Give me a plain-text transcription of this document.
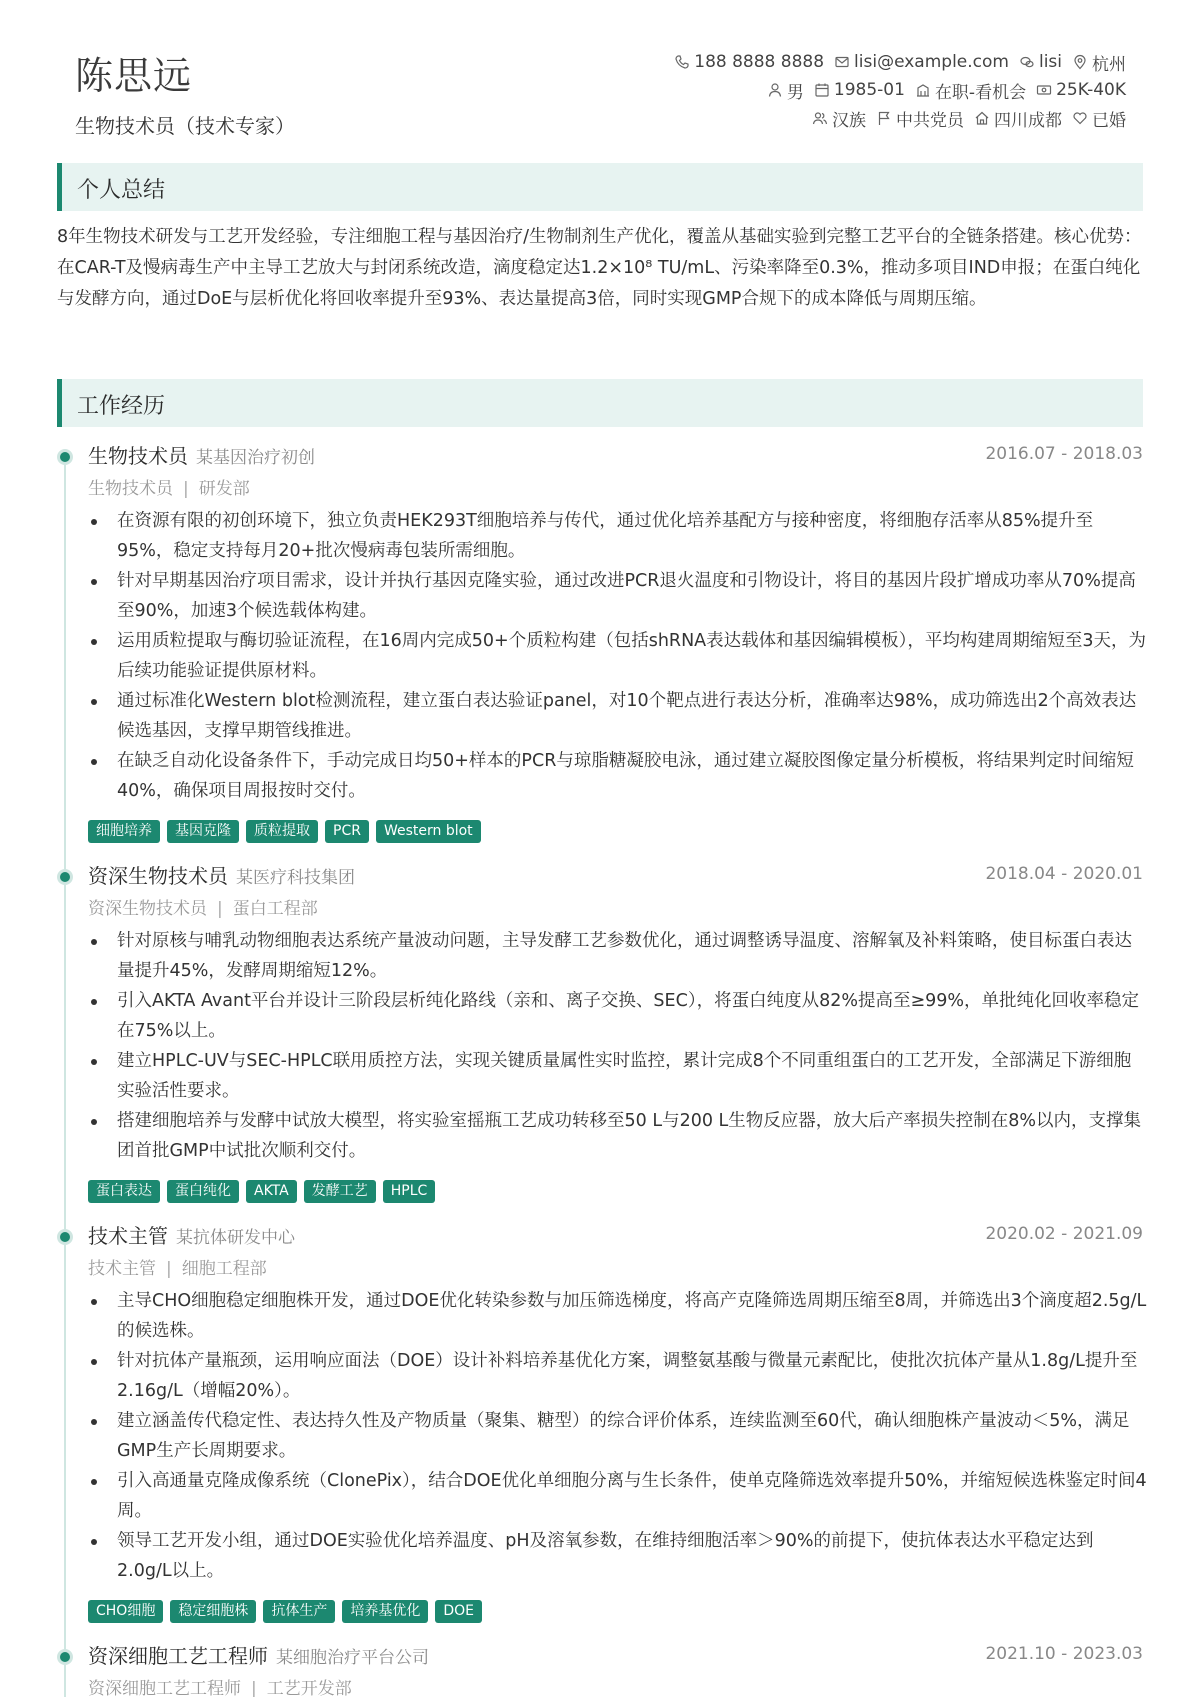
陈思远
生物技术员（技术专家）
188 8888 8888 lisi@example.com lisi 杭州
男 1985-01 在职-看机会 25K-40K
汉族 中共党员 四川成都 已婚
个人总结
8年生物技术研发与工艺开发经验，专注细胞工程与基因治疗/生物制剂生产优化，覆盖从基础实验到完整工艺平台的全链条搭建。核心优势：在CAR-T及慢病毒生产中主导工艺放大与封闭系统改造，滴度稳定达1.2×10⁸ TU/mL、污染率降至0.3%，推动多项目IND申报；在蛋白纯化与发酵方向，通过DoE与层析优化将回收率提升至93%、表达量提高3倍，同时实现GMP合规下的成本降低与周期压缩。
工作经历
生物技术员 某基因治疗初创	2016.07 - 2018.03
生物技术员 | 研发部
在资源有限的初创环境下，独立负责HEK293T细胞培养与传代，通过优化培养基配方与接种密度，将细胞存活率从85%提升至95%，稳定支持每月20+批次慢病毒包装所需细胞。
针对早期基因治疗项目需求，设计并执行基因克隆实验，通过改进PCR退火温度和引物设计，将目的基因片段扩增成功率从70%提高至90%，加速3个候选载体构建。
运用质粒提取与酶切验证流程，在16周内完成50+个质粒构建（包括shRNA表达载体和基因编辑模板），平均构建周期缩短至3天，为后续功能验证提供原材料。
通过标准化Western blot检测流程，建立蛋白表达验证panel，对10个靶点进行表达分析，准确率达98%，成功筛选出2个高效表达候选基因，支撑早期管线推进。
在缺乏自动化设备条件下，手动完成日均50+样本的PCR与琼脂糖凝胶电泳，通过建立凝胶图像定量分析模板，将结果判定时间缩短40%，确保项目周报按时交付。
细胞培养	基因克隆	质粒提取	PCR	Western blot
资深生物技术员 某医疗科技集团	2018.04 - 2020.01
资深生物技术员 | 蛋白工程部
针对原核与哺乳动物细胞表达系统产量波动问题，主导发酵工艺参数优化，通过调整诱导温度、溶解氧及补料策略，使目标蛋白表达量提升45%，发酵周期缩短12%。
引入AKTA Avant平台并设计三阶段层析纯化路线（亲和、离子交换、SEC），将蛋白纯度从82%提高至≥99%，单批纯化回收率稳定在75%以上。
建立HPLC-UV与SEC-HPLC联用质控方法，实现关键质量属性实时监控，累计完成8个不同重组蛋白的工艺开发，全部满足下游细胞实验活性要求。
搭建细胞培养与发酵中试放大模型，将实验室摇瓶工艺成功转移至50 L与200 L生物反应器，放大后产率损失控制在8%以内，支撑集团首批GMP中试批次顺利交付。
蛋白表达	蛋白纯化	AKTA	发酵工艺	HPLC
技术主管 某抗体研发中心	2020.02 - 2021.09
技术主管 | 细胞工程部
主导CHO细胞稳定细胞株开发，通过DOE优化转染参数与加压筛选梯度，将高产克隆筛选周期压缩至8周，并筛选出3个滴度超2.5g/L的候选株。
针对抗体产量瓶颈，运用响应面法（DOE）设计补料培养基优化方案，调整氨基酸与微量元素配比，使批次抗体产量从1.8g/L提升至2.16g/L（增幅20%）。
建立涵盖传代稳定性、表达持久性及产物质量（聚集、糖型）的综合评价体系，连续监测至60代，确认细胞株产量波动＜5%，满足GMP生产长周期要求。
引入高通量克隆成像系统（ClonePix），结合DOE优化单细胞分离与生长条件，使单克隆筛选效率提升50%，并缩短候选株鉴定时间4周。
领导工艺开发小组，通过DOE实验优化培养温度、pH及溶氧参数，在维持细胞活率＞90%的前提下，使抗体表达水平稳定达到2.0g/L以上。
CHO细胞	稳定细胞株	抗体生产	培养基优化	DOE
资深细胞工艺工程师 某细胞治疗平台公司	2021.10 - 2023.03
资深细胞工艺工程师 | 工艺开发部
